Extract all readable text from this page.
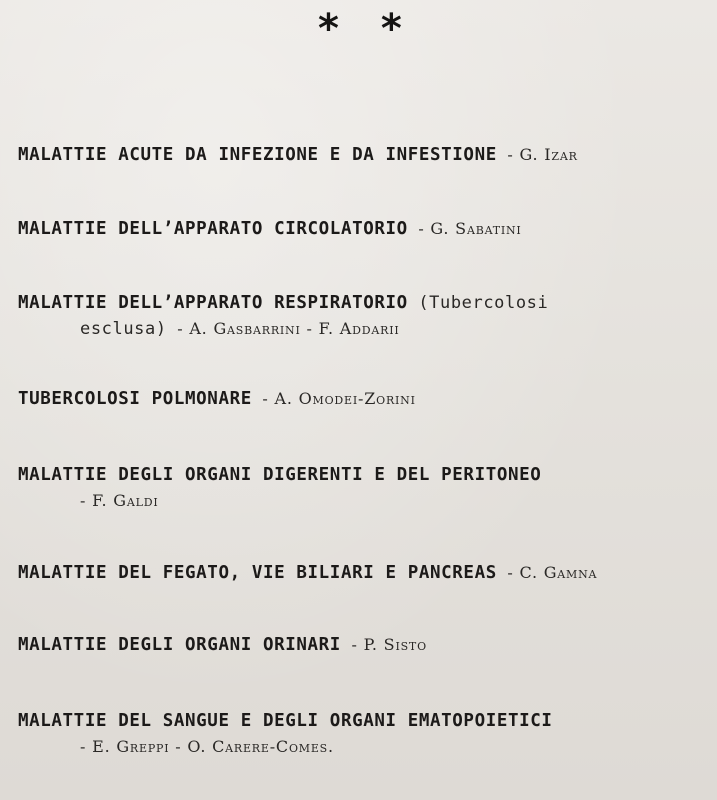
* *
MALATTIE ACUTE DA INFEZIONE E DA INFESTIONE - G. Izar
MALATTIE DELL’APPARATO CIRCOLATORIO - G. Sabatini
MALATTIE DELL’APPARATO RESPIRATORIO (Tubercolosi
esclusa) - A. Gasbarrini - F. Addarii
TUBERCOLOSI POLMONARE - A. Omodei-Zorini
MALATTIE DEGLI ORGANI DIGERENTI E DEL PERITONEO
- F. Galdi
MALATTIE DEL FEGATO, VIE BILIARI E PANCREAS - C. Gamna
MALATTIE DEGLI ORGANI ORINARI - P. Sisto
MALATTIE DEL SANGUE E DEGLI ORGANI EMATOPOIETICI
- E. Greppi - O. Carere-Comes.
